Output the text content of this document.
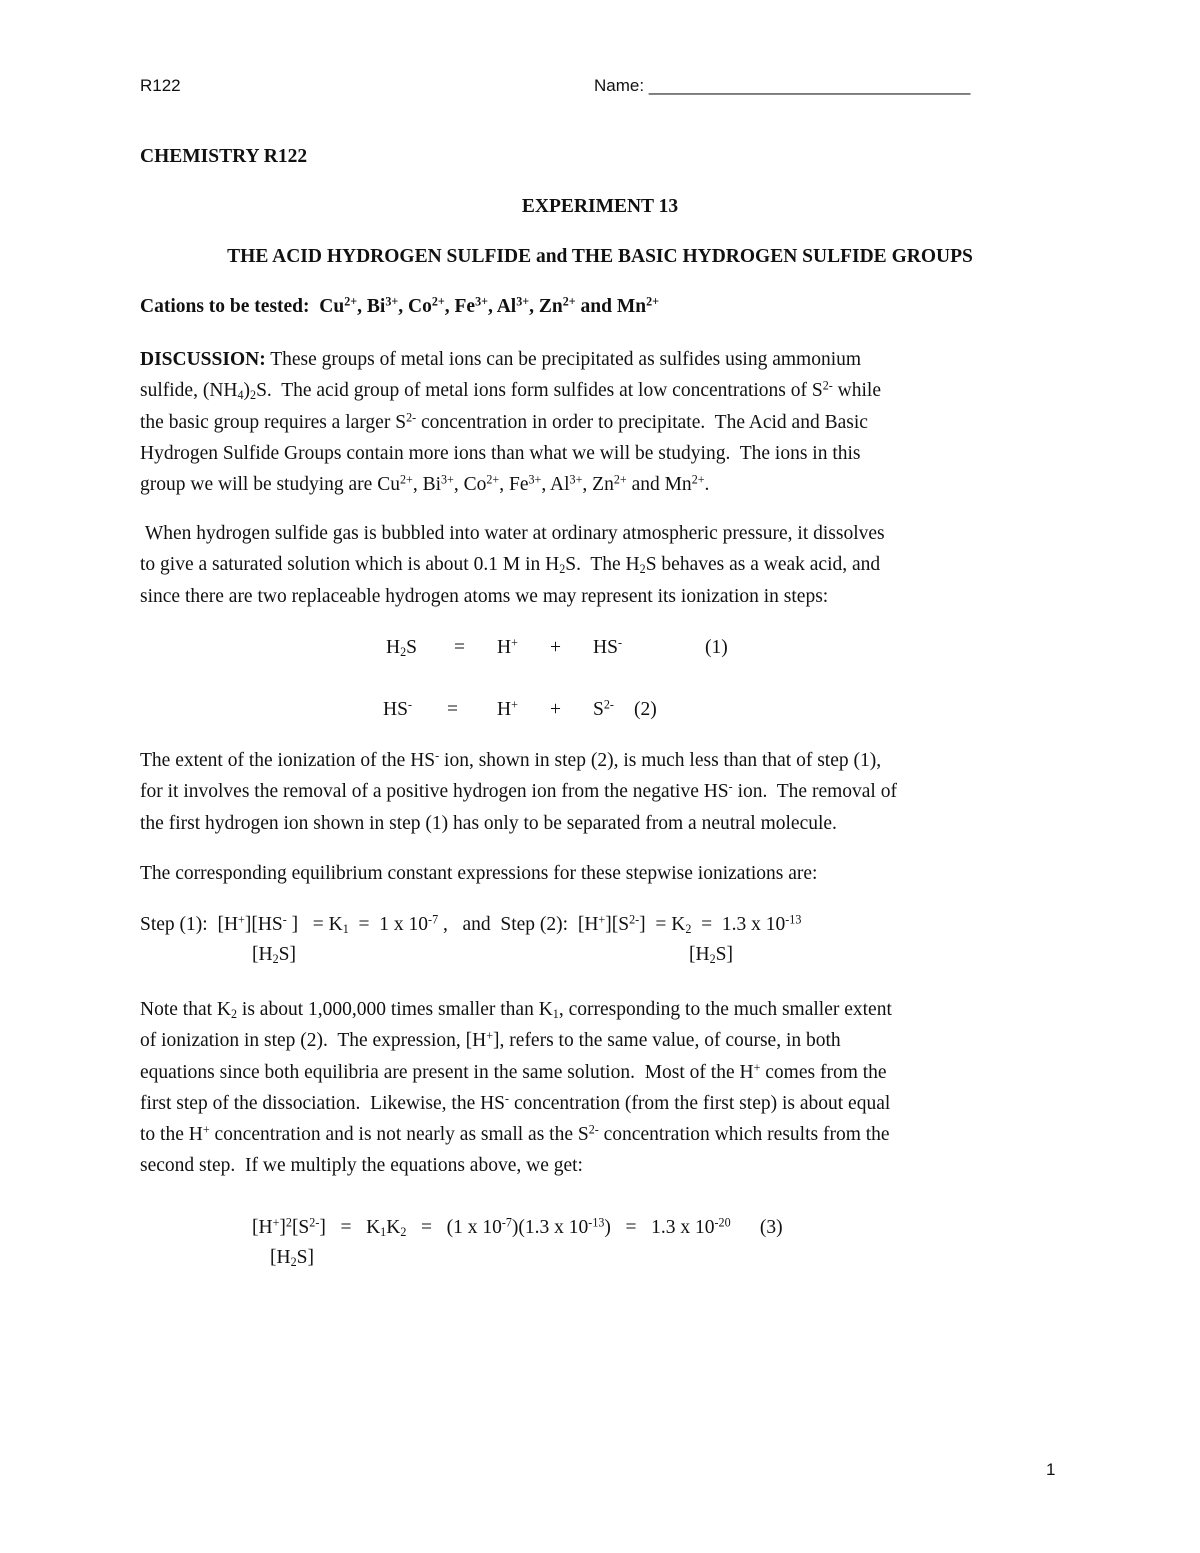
R122	Name: __________________________________
CHEMISTRY R122
EXPERIMENT 13
THE ACID HYDROGEN SULFIDE and THE BASIC HYDROGEN SULFIDE GROUPS
Cations to be tested: $Cu^{2+}$, $Bi^{3+}$, $Co^{2+}$, $Fe^{3+}$, $Al^{3+}$, $Zn^{2+}$ and $Mn^{2+}$
DISCUSSION: These groups of metal ions can be precipitated as sulfides using ammonium
sulfide, $(NH_4)_2S$.  The acid group of metal ions form sulfides at low concentrations of $S^{2-}$ while
the basic group requires a larger $S^{2-}$ concentration in order to precipitate.  The Acid and Basic
Hydrogen Sulfide Groups contain more ions than what we will be studying.  The ions in this
group we will be studying are $Cu^{2+}$, $Bi^{3+}$, $Co^{2+}$, $Fe^{3+}$, $Al^{3+}$, $Zn^{2+}$ and $Mn^{2+}$.
When hydrogen sulfide gas is bubbled into water at ordinary atmospheric pressure, it dissolves
to give a saturated solution which is about 0.1 M in $H_2S$.  The $H_2S$ behaves as a weak acid, and
since there are two replaceable hydrogen atoms we may represent its ionization in steps:
$H_2S = H^+ + HS^-$	(1)
$HS^- = H^+ + S^{2-}$ (2)
The extent of the ionization of the HS- ion, shown in step (2), is much less than that of step (1),
for it involves the removal of a positive hydrogen ion from the negative HS- ion.  The removal of
the first hydrogen ion shown in step (1) has only to be separated from a neutral molecule.
The corresponding equilibrium constant expressions for these stepwise ionizations are:
Step (1):  [H+][HS- ]   = $K_1 = 1$ x $10^{-7}$ ,   and  Step (2):  $[H^+][S^{2-}] = K_2 = 1.3$ x $10^{-13}$
$[H_2S]$	$[H_2S]$
Note that $K_2$ is about 1,000,000 times smaller than $K_1$, corresponding to the much smaller extent
of ionization in step (2).  The expression, [H+], refers to the same value, of course, in both
equations since both equilibria are present in the same solution.  Most of the H+ comes from the
first step of the dissociation.  Likewise, the HS- concentration (from the first step) is about equal
to the H+ concentration and is not nearly as small as the $S^{2-}$ concentration which results from the
second step.  If we multiply the equations above, we get:
$[H^+]^2[S^{2-}] = K_1K_2 = (1$ x $10^{-7})(1.3$ x $10^{-13}) = 1.3$ x $10^{-20}$      (3)
$[H_2S]$
1
